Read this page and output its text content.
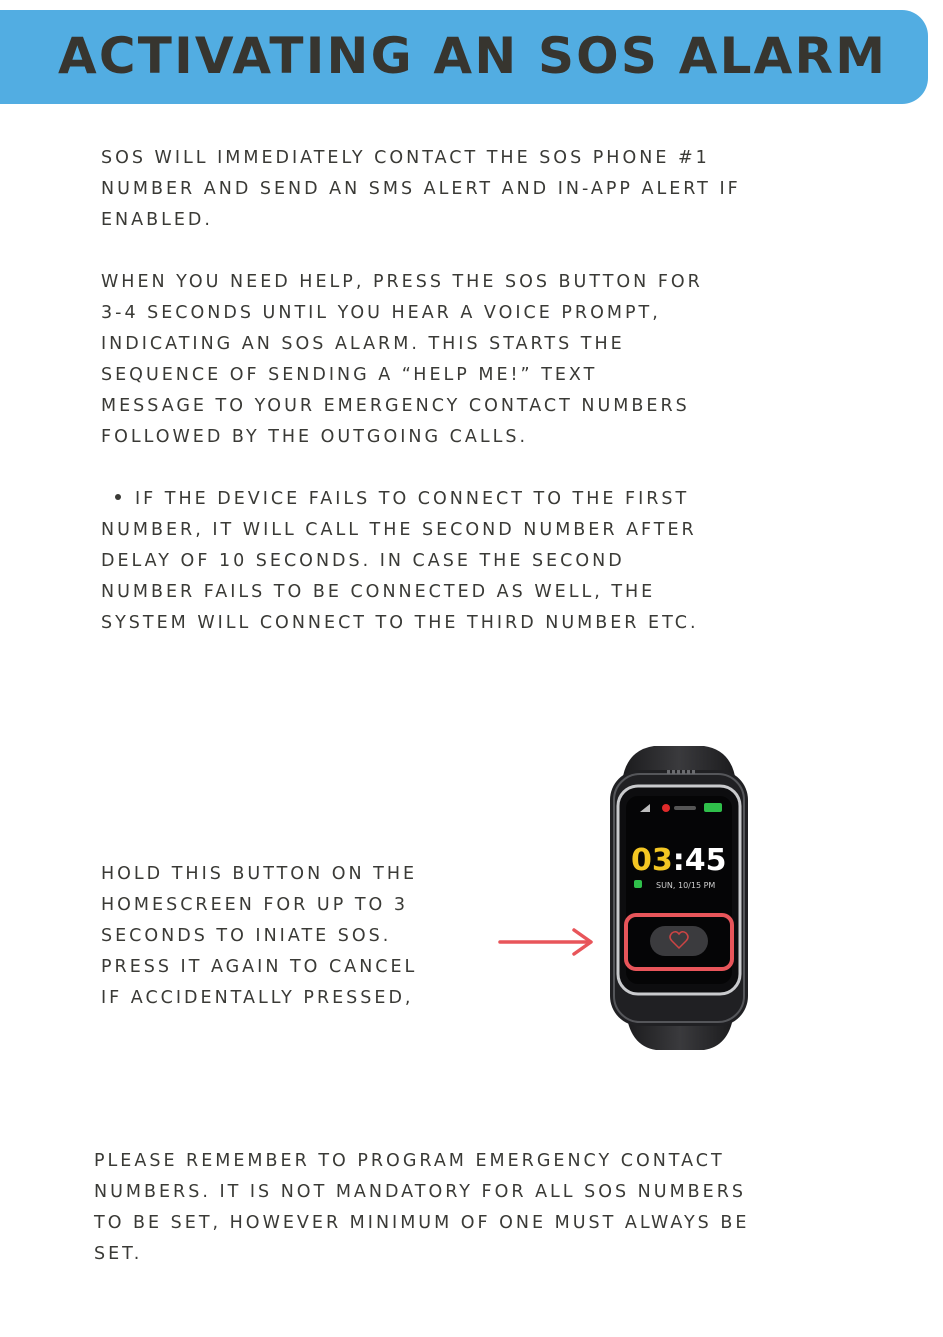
ACTIVATING AN SOS ALARM

SOS WILL IMMEDIATELY CONTACT THE SOS PHONE #1
NUMBER AND SEND AN SMS ALERT AND IN-APP ALERT IF
ENABLED.

WHEN YOU NEED HELP, PRESS THE SOS BUTTON FOR
3-4 SECONDS UNTIL YOU HEAR A VOICE PROMPT,
INDICATING AN SOS ALARM. THIS STARTS THE
SEQUENCE OF SENDING A “HELP ME!” TEXT
MESSAGE TO YOUR EMERGENCY CONTACT NUMBERS
FOLLOWED BY THE OUTGOING CALLS.

IF THE DEVICE FAILS TO CONNECT TO THE FIRST
NUMBER, IT WILL CALL THE SECOND NUMBER AFTER
DELAY OF 10 SECONDS. IN CASE THE SECOND
NUMBER FAILS TO BE CONNECTED AS WELL, THE
SYSTEM WILL CONNECT TO THE THIRD NUMBER ETC.

HOLD THIS BUTTON ON THE
HOMESCREEN FOR UP TO 3
SECONDS TO INIATE SOS.
PRESS IT AGAIN TO CANCEL
IF ACCIDENTALLY PRESSED,

03:45
SUN, 10/15 PM

PLEASE REMEMBER TO PROGRAM EMERGENCY CONTACT
NUMBERS. IT IS NOT MANDATORY FOR ALL SOS NUMBERS
TO BE SET, HOWEVER MINIMUM OF ONE MUST ALWAYS BE
SET.
